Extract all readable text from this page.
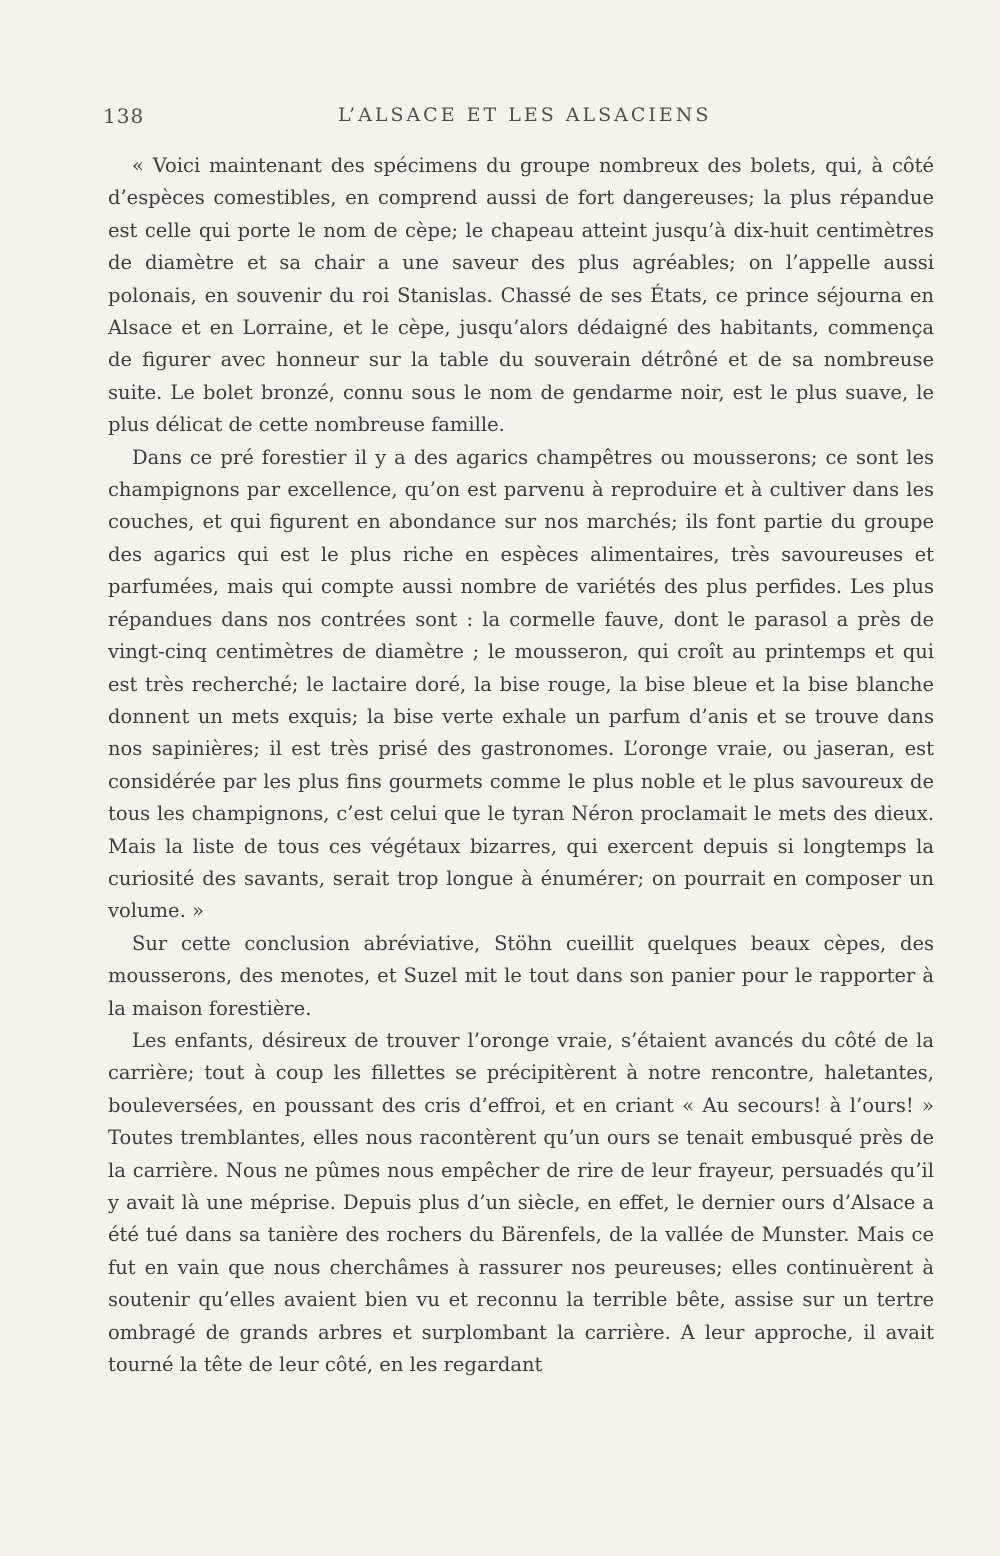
138	L’ALSACE ET LES ALSACIENS

« Voici maintenant des spécimens du groupe nombreux des bolets, qui, à côté d’espèces comestibles, en comprend aussi de fort dangereuses; la plus répandue est celle qui porte le nom de cèpe; le chapeau atteint jusqu’à dix-huit centimètres de diamètre et sa chair a une saveur des plus agréables; on l’appelle aussi polonais, en souvenir du roi Stanislas. Chassé de ses États, ce prince séjourna en Alsace et en Lorraine, et le cèpe, jusqu’alors dédaigné des habitants, commença de figurer avec honneur sur la table du souverain détrôné et de sa nombreuse suite. Le bolet bronzé, connu sous le nom de gendarme noir, est le plus suave, le plus délicat de cette nombreuse famille.

Dans ce pré forestier il y a des agarics champêtres ou mousserons; ce sont les champignons par excellence, qu’on est parvenu à reproduire et à cultiver dans les couches, et qui figurent en abondance sur nos marchés; ils font partie du groupe des agarics qui est le plus riche en espèces alimentaires, très savoureuses et parfumées, mais qui compte aussi nombre de variétés des plus perfides. Les plus répandues dans nos contrées sont : la cormelle fauve, dont le parasol a près de vingt-cinq centimètres de diamètre ; le mousseron, qui croît au printemps et qui est très recherché; le lactaire doré, la bise rouge, la bise bleue et la bise blanche donnent un mets exquis; la bise verte exhale un parfum d’anis et se trouve dans nos sapinières; il est très prisé des gastronomes. L’oronge vraie, ou jaseran, est considérée par les plus fins gourmets comme le plus noble et le plus savoureux de tous les champignons, c’est celui que le tyran Néron proclamait le mets des dieux. Mais la liste de tous ces végétaux bizarres, qui exercent depuis si longtemps la curiosité des savants, serait trop longue à énumérer; on pourrait en composer un volume. »

Sur cette conclusion abréviative, Stöhn cueillit quelques beaux cèpes, des mousserons, des menotes, et Suzel mit le tout dans son panier pour le rapporter à la maison forestière.

Les enfants, désireux de trouver l’oronge vraie, s’étaient avancés du côté de la carrière; tout à coup les fillettes se précipitèrent à notre rencontre, haletantes, bouleversées, en poussant des cris d’effroi, et en criant « Au secours! à l’ours! » Toutes tremblantes, elles nous racontèrent qu’un ours se tenait embusqué près de la carrière. Nous ne pûmes nous empêcher de rire de leur frayeur, persuadés qu’il y avait là une méprise. Depuis plus d’un siècle, en effet, le dernier ours d’Alsace a été tué dans sa tanière des rochers du Bärenfels, de la vallée de Munster. Mais ce fut en vain que nous cherchâmes à rassurer nos peureuses; elles continuèrent à soutenir qu’elles avaient bien vu et reconnu la terrible bête, assise sur un tertre ombragé de grands arbres et surplombant la carrière. A leur approche, il avait tourné la tête de leur côté, en les regardant
